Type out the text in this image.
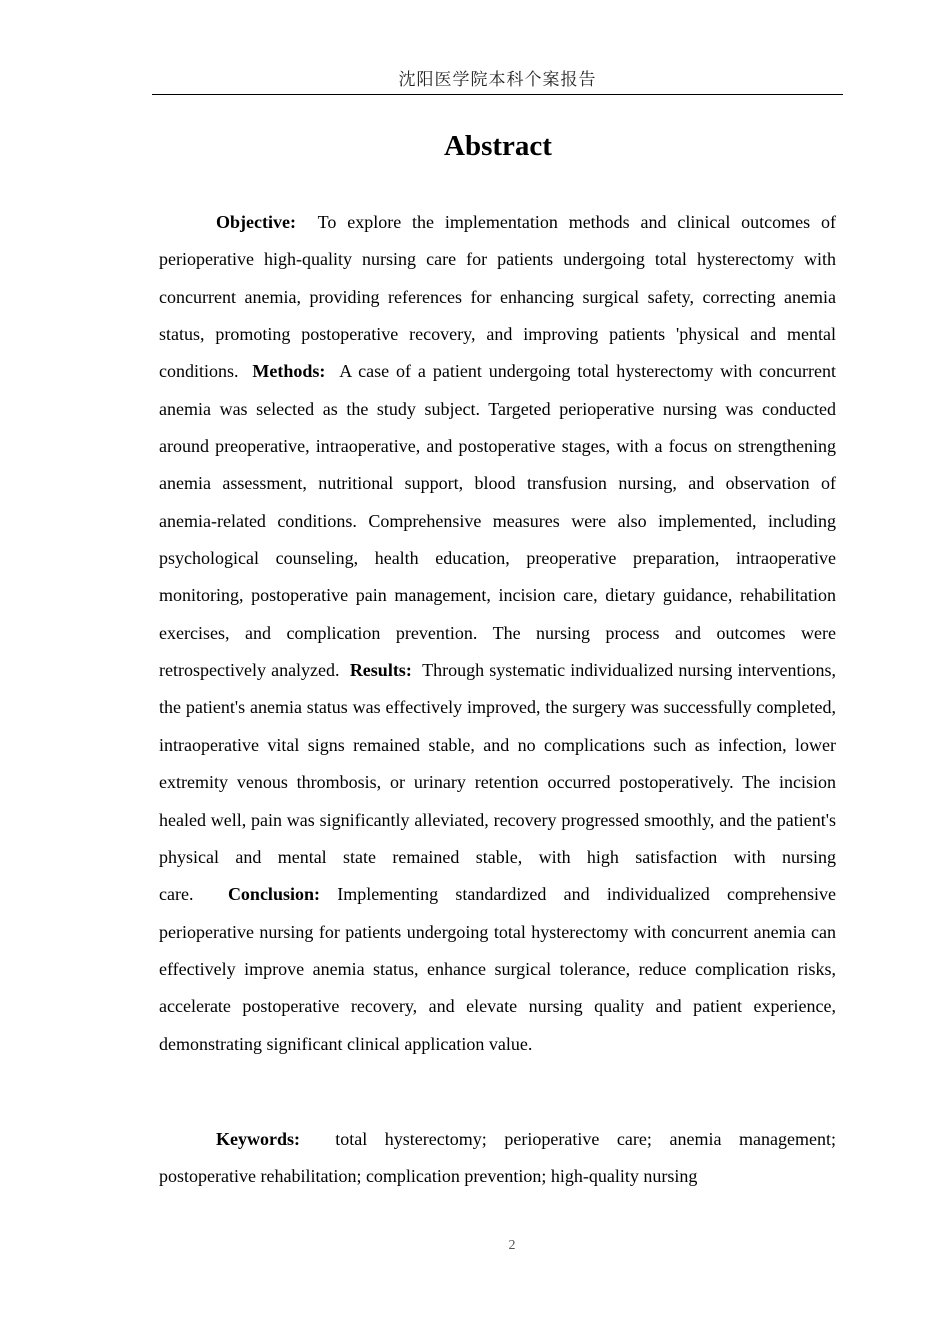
沈阳医学院本科个案报告
Abstract

Objective: To explore the implementation methods and clinical outcomes of perioperative high-quality nursing care for patients undergoing total hysterectomy with concurrent anemia, providing references for enhancing surgical safety, correcting anemia status, promoting postoperative recovery, and improving patients 'physical and mental conditions. Methods: A case of a patient undergoing total hysterectomy with concurrent anemia was selected as the study subject. Targeted perioperative nursing was conducted around preoperative, intraoperative, and postoperative stages, with a focus on strengthening anemia assessment, nutritional support, blood transfusion nursing, and observation of anemia-related conditions. Comprehensive measures were also implemented, including psychological counseling, health education, preoperative preparation, intraoperative monitoring, postoperative pain management, incision care, dietary guidance, rehabilitation exercises, and complication prevention. The nursing process and outcomes were retrospectively analyzed. Results: Through systematic individualized nursing interventions, the patient's anemia status was effectively improved, the surgery was successfully completed, intraoperative vital signs remained stable, and no complications such as infection, lower extremity venous thrombosis, or urinary retention occurred postoperatively. The incision healed well, pain was significantly alleviated, recovery progressed smoothly, and the patient's physical and mental state remained stable, with high satisfaction with nursing care. Conclusion: Implementing standardized and individualized comprehensive perioperative nursing for patients undergoing total hysterectomy with concurrent anemia can effectively improve anemia status, enhance surgical tolerance, reduce complication risks, accelerate postoperative recovery, and elevate nursing quality and patient experience, demonstrating significant clinical application value.

Keywords: total hysterectomy; perioperative care; anemia management; postoperative rehabilitation; complication prevention; high-quality nursing

2
